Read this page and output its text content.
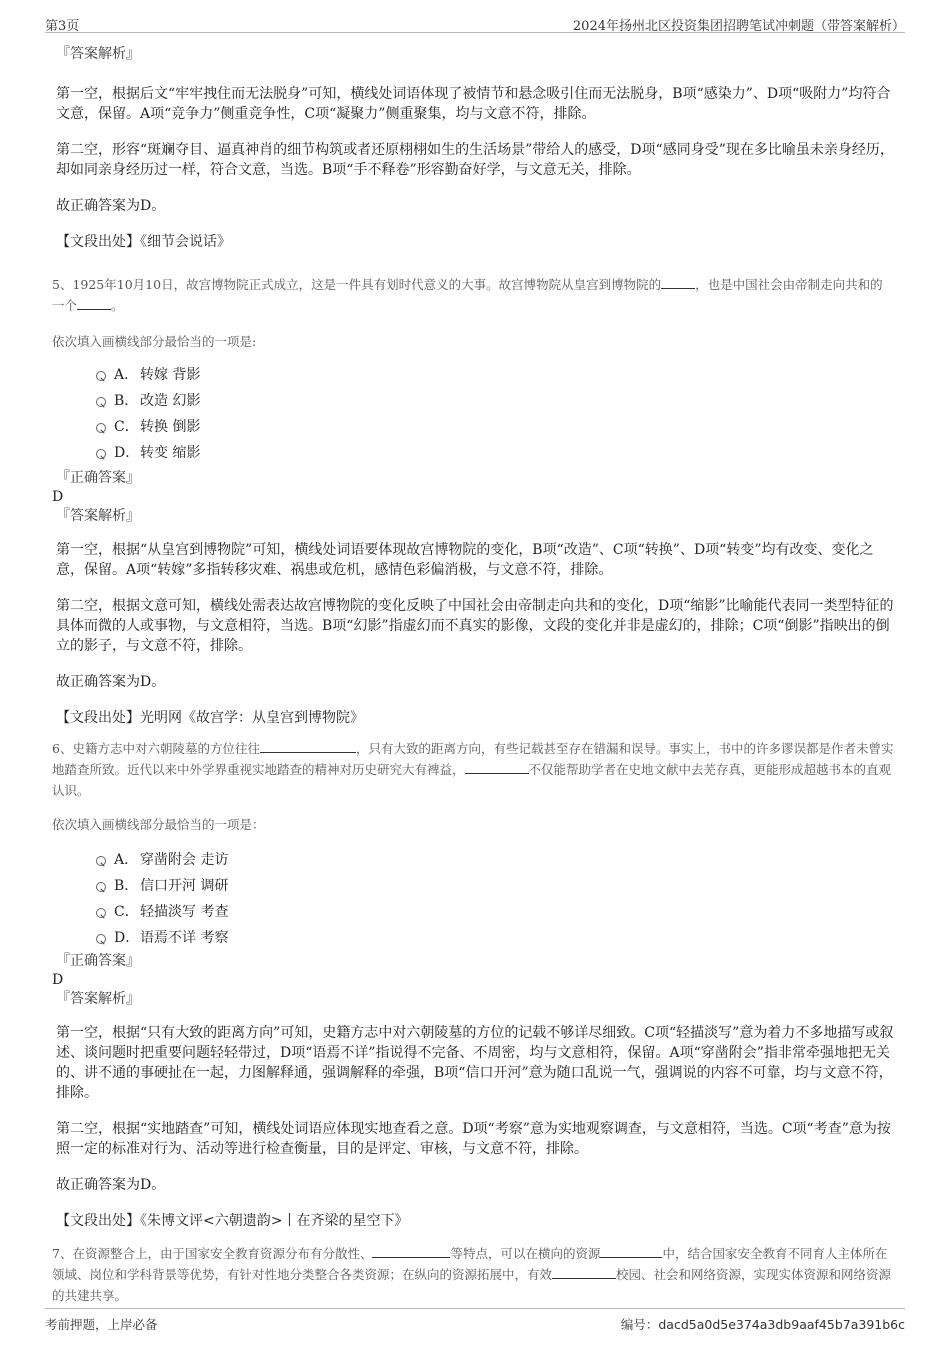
第3页	2024年扬州北区投资集团招聘笔试冲刺题（带答案解析）

『答案解析』

第一空，根据后文“牢牢拽住而无法脱身”可知，横线处词语体现了被情节和悬念吸引住而无法脱身，B项“感染力”、D项“吸附力”均符合文意，保留。A项“竞争力”侧重竞争性，C项“凝聚力”侧重聚集，均与文意不符，排除。

第二空，形容“斑斓夺目、逼真神肖的细节构筑或者还原栩栩如生的生活场景”带给人的感受，D项“感同身受”现在多比喻虽未亲身经历，却如同亲身经历过一样，符合文意，当选。B项“手不释卷”形容勤奋好学，与文意无关，排除。

故正确答案为D。

【文段出处】《细节会说话》

5、1925年10月10日，故宫博物院正式成立，这是一件具有划时代意义的大事。故宫博物院从皇宫到博物院的	，也是中国社会由帝制走向共和的一个	。

依次填入画横线部分最恰当的一项是:

A． 转嫁 背影
B． 改造 幻影
C．转换 倒影
D．转变 缩影

『正确答案』

D

『答案解析』

第一空，根据“从皇宫到博物院”可知，横线处词语要体现故宫博物院的变化，B项“改造”、C项“转换”、D项“转变”均有改变、变化之意，保留。A项“转嫁”多指转移灾难、祸患或危机，感情色彩偏消极，与文意不符，排除。

第二空，根据文意可知，横线处需表达故宫博物院的变化反映了中国社会由帝制走向共和的变化，D项“缩影”比喻能代表同一类型特征的具体而微的人或事物，与文意相符，当选。B项“幻影”指虚幻而不真实的影像，文段的变化并非是虚幻的，排除；C项“倒影”指映出的倒立的影子，与文意不符，排除。

故正确答案为D。

【文段出处】光明网《故宫学：从皇宫到博物院》

6、史籍方志中对六朝陵墓的方位往往	，只有大致的距离方向，有些记载甚至存在错漏和误导。事实上，书中的许多谬误都是作者未曾实地踏查所致。近代以来中外学界重视实地踏查的精神对历史研究大有裨益，	不仅能帮助学者在史地文献中去芜存真，更能形成超越书本的直观认识。

依次填入画横线部分最恰当的一项是：

A． 穿凿附会 走访
B． 信口开河 调研
C．轻描淡写 考查
D．语焉不详 考察

『正确答案』

D

『答案解析』

第一空，根据“只有大致的距离方向”可知，史籍方志中对六朝陵墓的方位的记载不够详尽细致。C项“轻描淡写”意为着力不多地描写或叙述、谈问题时把重要问题轻轻带过，D项“语焉不详”指说得不完备、不周密，均与文意相符，保留。A项“穿凿附会”指非常牵强地把无关的、讲不通的事硬扯在一起，力图解释通，强调解释的牵强，B项“信口开河”意为随口乱说一气，强调说的内容不可靠，均与文意不符，排除。

第二空，根据“实地踏查”可知，横线处词语应体现实地查看之意。D项“考察”意为实地观察调查，与文意相符，当选。C项“考查”意为按照一定的标准对行为、活动等进行检查衡量，目的是评定、审核，与文意不符，排除。

故正确答案为D。

【文段出处】《朱博文评<六朝遗韵>丨在齐梁的星空下》

7、在资源整合上，由于国家安全教育资源分布有分散性、	等特点，可以在横向的资源	中，结合国家安全教育不同育人主体所在领域、岗位和学科背景等优势，有针对性地分类整合各类资源；在纵向的资源拓展中，有效	校园、社会和网络资源，实现实体资源和网络资源的共建共享。
考前押题，上岸必备	编号：dacd5a0d5e374a3db9aaf45b7a391b6c
